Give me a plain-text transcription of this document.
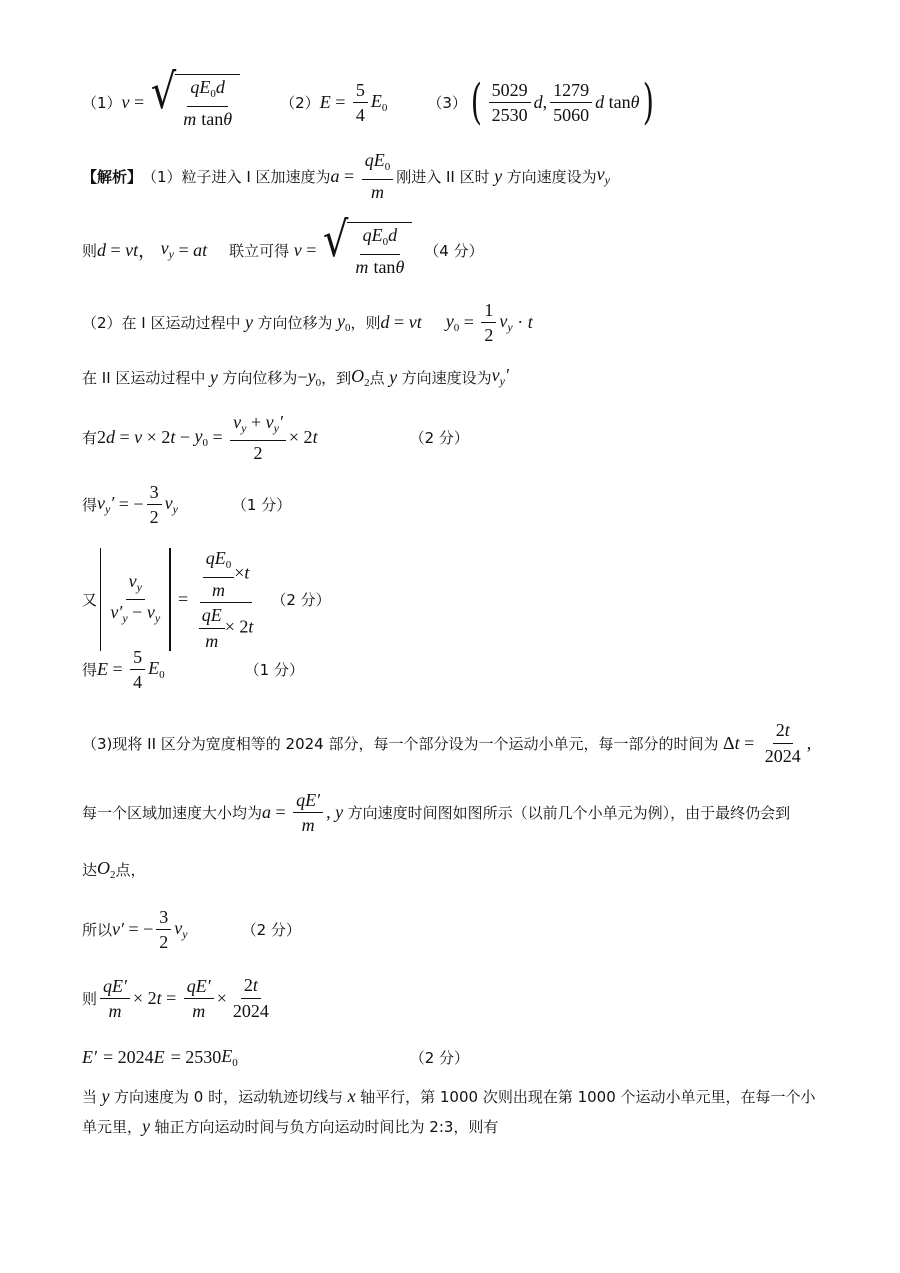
（1） v = √ $\frac{qE_0d}{\text{m tanθ}}$	（2） $E = \frac{5}{4} E_0$	（3） ( $\frac{5029}{2530}$ d , $\frac{1279}{5060}$ d tan θ )
【解析】 （1）粒子进入 I 区加速度为 $a = \frac{qE_0}{m}$ 刚进入 II 区时 y 方向速度设为 $v_y$
则 d = vt ， $v_y$ = at 联立可得 v = √ $\frac{qE_0d}{\text{m tanθ}} (4$ 分）
（2）在 I 区运动过程中 y 方向位移为 $y_0$ ，则 d = vt $y_0 = \frac{1}{2} v_y \cdot t$
在 II 区运动过程中 y 方向位移为 − $y_0$ ，到 $O_2$ 点 y 方向速度设为 $v_y'$
有 2 d = v × 2 $t - y_0 = \frac{v_y + v_y'}{2} \times 2$ t	（2 分）
得 $v_y'$ = − $\frac{3}{2} v_y$	（1 分）
又 $\frac{v_y}{v'_y - v_y} = \frac{\frac{qE_0}{m} \times t}{\frac{qE}{m} \times 2t} (2$ 分）
得 $E = \frac{5}{4} E_0$	（1 分）
（3)现将 II 区分为宽度相等的 2024 部分，每一个部分设为一个运动小单元，每一部分的时间为 Δ $t = \frac{2t}{2024}$ ,
每一个区域加速度大小均为 $a = \frac{qE'}{m}$ , y 方向速度时间图如图所示（以前几个小单元为例），由于最终仍会到
达 $O_2$ 点，
所以 v′ = − $\frac{3}{2} v_y$	（2 分）
则 $\frac{qE'}{m} \times 2$ $t = \frac{qE'}{m} \times \frac{2t}{2024}$
E′ = 2024 E = 2530 $E_0$	（2 分）
当 y 方向速度为 0 时，运动轨迹切线与 x 轴平行，第 1000 次则出现在第 1000 个运动小单元里，在每一个小
单元里， y 轴正方向运动时间与负方向运动时间比为 2:3，则有
